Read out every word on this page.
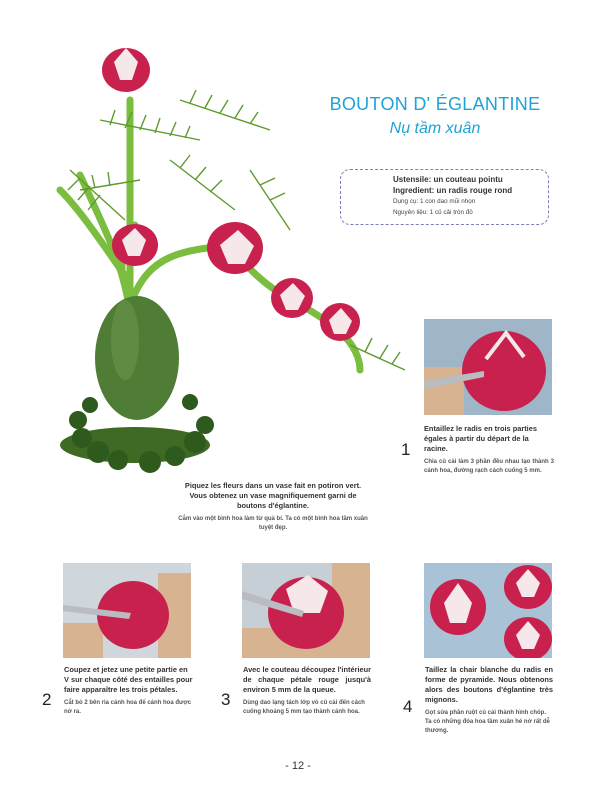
BOUTON D' ÉGLANTINE
Nụ tầm xuân
Ustensile: un couteau pointu
Ingredient: un radis rouge rond
Dụng cụ: 1 con dao mũi nhọn
Nguyên liệu: 1 củ cải tròn đỏ
1
Entaillez le radis en trois parties égales à partir du départ de la racine.
Chia củ cải làm 3 phần đều nhau tạo thành 3 cánh hoa, đường rạch cách cuống 5 mm.
Piquez les fleurs dans un vase fait en potiron vert. Vous obtenez un vase magnifiquement garni de boutons d'églantine.
Cắm vào một bình hoa làm từ quả bí. Ta có một bình hoa tầm xuân tuyệt đẹp.
2
Coupez et jetez une petite partie en V sur chaque côté des entailles pour faire apparaître les trois pétales.
Cắt bỏ 2 bên rìa cánh hoa để cánh hoa được nở ra.
3
Avec le couteau découpez l'intérieur de chaque pétale rouge jusqu'à environ 5 mm de la queue.
Dùng dao lạng tách lớp vỏ củ cải đến cách cuống khoảng 5 mm tạo thành cánh hoa.	4
Taillez la chair blanche du radis en forme de pyramide. Nous obtenons alors des boutons d'églantine très mignons.
Gọt sửa phần ruột củ cải thành hình chóp. Ta có những đóa hoa tầm xuân hé nở rất dễ thương.
- 12 -
